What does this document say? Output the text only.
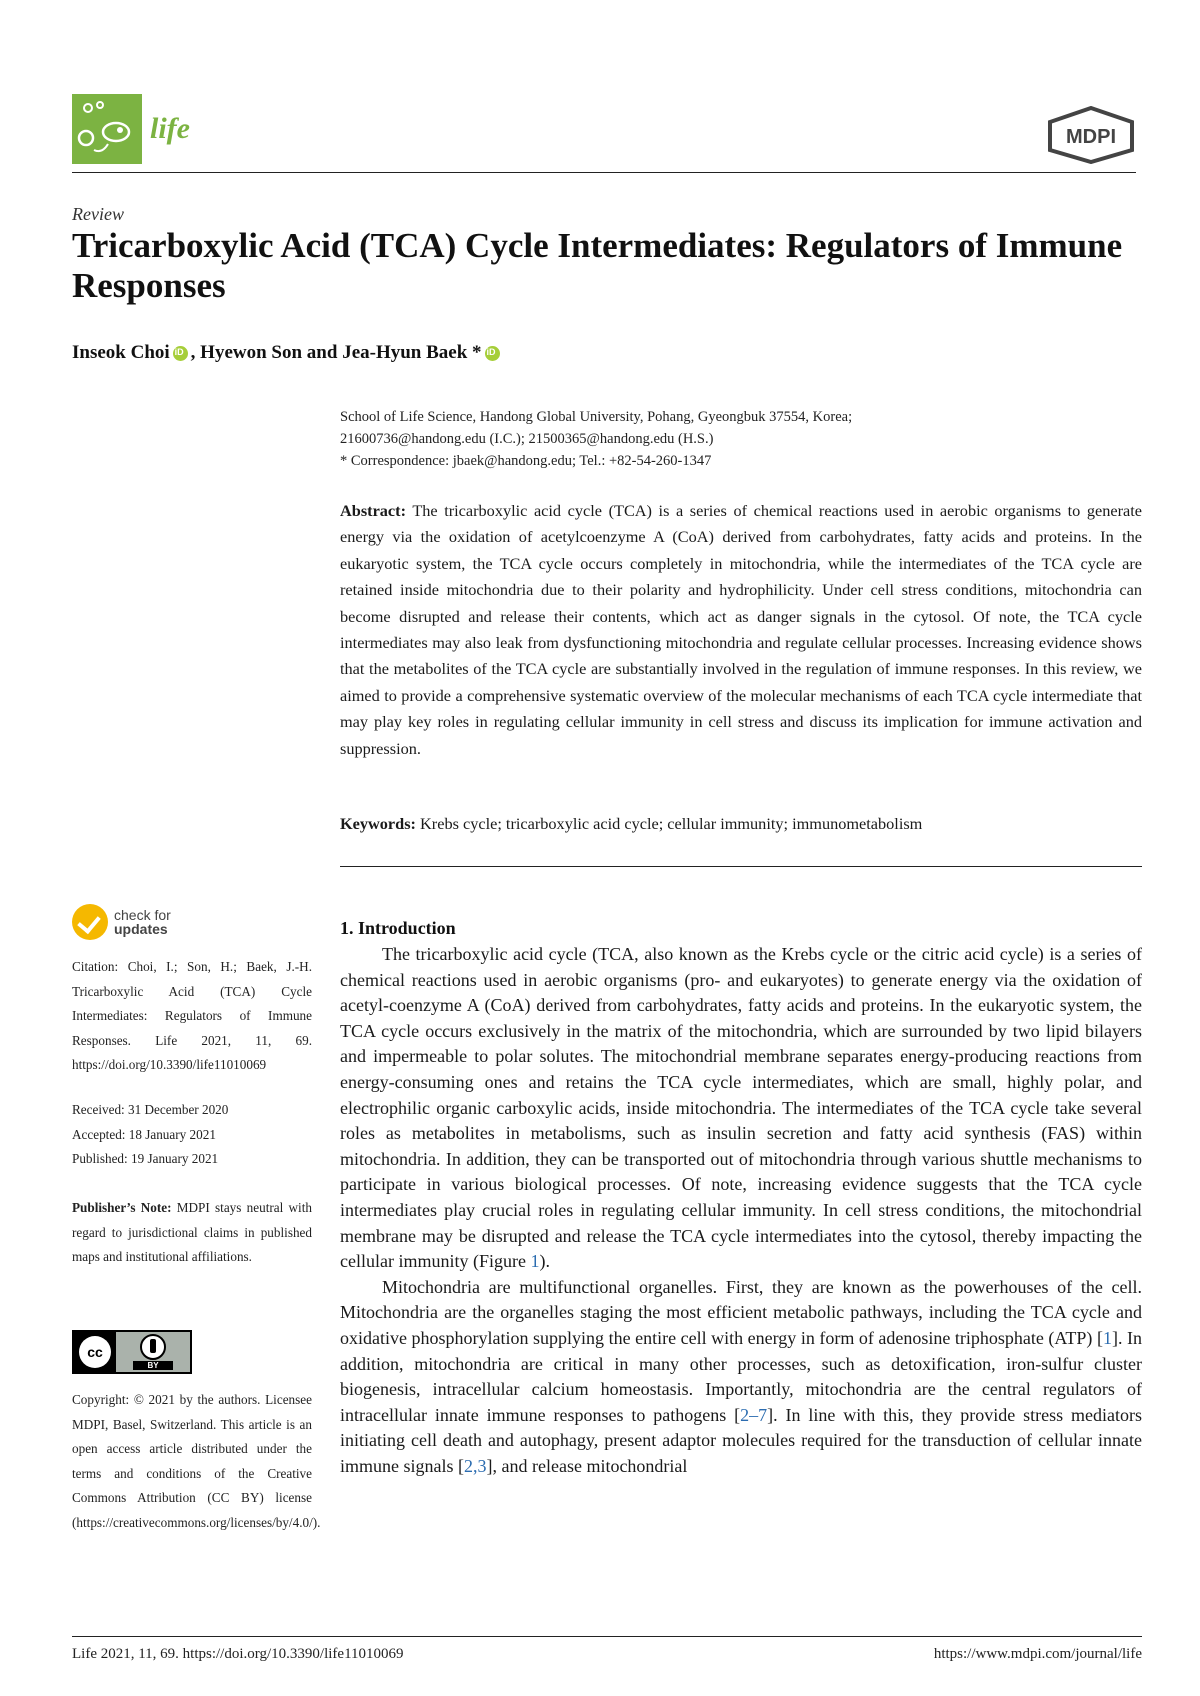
life	MDPI
Review
Tricarboxylic Acid (TCA) Cycle Intermediates: Regulators of Immune Responses
Inseok Choi
iD , Hyewon Son and Jea-Hyun Baek *
iD
School of Life Science, Handong Global University, Pohang, Gyeongbuk 37554, Korea;
21600736@handong.edu (I.C.); 21500365@handong.edu (H.S.)
* Correspondence: jbaek@handong.edu; Tel.: +82-54-260-1347

Abstract: The tricarboxylic acid cycle (TCA) is a series of chemical reactions used in aerobic organisms to generate energy via the oxidation of acetylcoenzyme A (CoA) derived from carbohydrates, fatty acids and proteins. In the eukaryotic system, the TCA cycle occurs completely in mitochondria, while the intermediates of the TCA cycle are retained inside mitochondria due to their polarity and hydrophilicity. Under cell stress conditions, mitochondria can become disrupted and release their contents, which act as danger signals in the cytosol. Of note, the TCA cycle intermediates may also leak from dysfunctioning mitochondria and regulate cellular processes. Increasing evidence shows that the metabolites of the TCA cycle are substantially involved in the regulation of immune responses. In this review, we aimed to provide a comprehensive systematic overview of the molecular mechanisms of each TCA cycle intermediate that may play key roles in regulating cellular immunity in cell stress and discuss its implication for immune activation and suppression.

Keywords: Krebs cycle; tricarboxylic acid cycle; cellular immunity; immunometabolism
check for
updates

Citation: Choi, I.; Son, H.; Baek, J.-H. Tricarboxylic Acid (TCA) Cycle Intermediates: Regulators of Immune Responses. Life 2021, 11, 69. https://doi.org/10.3390/life11010069

Received: 31 December 2020
Accepted: 18 January 2021
Published: 19 January 2021

Publisher’s Note: MDPI stays neutral with regard to jurisdictional claims in published maps and institutional affiliations.

cc
BY

Copyright: © 2021 by the authors. Licensee MDPI, Basel, Switzerland. This article is an open access article distributed under the terms and conditions of the Creative Commons Attribution (CC BY) license (https://creativecommons.org/licenses/by/4.0/).

1. Introduction

The tricarboxylic acid cycle (TCA, also known as the Krebs cycle or the citric acid cycle) is a series of chemical reactions used in aerobic organisms (pro- and eukaryotes) to generate energy via the oxidation of acetyl-coenzyme A (CoA) derived from carbohydrates, fatty acids and proteins. In the eukaryotic system, the TCA cycle occurs exclusively in the matrix of the mitochondria, which are surrounded by two lipid bilayers and impermeable to polar solutes. The mitochondrial membrane separates energy-producing reactions from energy-consuming ones and retains the TCA cycle intermediates, which are small, highly polar, and electrophilic organic carboxylic acids, inside mitochondria. The intermediates of the TCA cycle take several roles as metabolites in metabolisms, such as insulin secretion and fatty acid synthesis (FAS) within mitochondria. In addition, they can be transported out of mitochondria through various shuttle mechanisms to participate in various biological processes. Of note, increasing evidence suggests that the TCA cycle intermediates play crucial roles in regulating cellular immunity. In cell stress conditions, the mitochondrial membrane may be disrupted and release the TCA cycle intermediates into the cytosol, thereby impacting the cellular immunity (Figure 1).

Mitochondria are multifunctional organelles. First, they are known as the powerhouses of the cell. Mitochondria are the organelles staging the most efficient metabolic pathways, including the TCA cycle and oxidative phosphorylation supplying the entire cell with energy in form of adenosine triphosphate (ATP) [1]. In addition, mitochondria are critical in many other processes, such as detoxification, iron-sulfur cluster biogenesis, intracellular calcium homeostasis. Importantly, mitochondria are the central regulators of intracellular innate immune responses to pathogens [2–7]. In line with this, they provide stress mediators initiating cell death and autophagy, present adaptor molecules required for the transduction of cellular innate immune signals [2,3], and release mitochondrial

Life 2021, 11, 69. https://doi.org/10.3390/life11010069	https://www.mdpi.com/journal/life
